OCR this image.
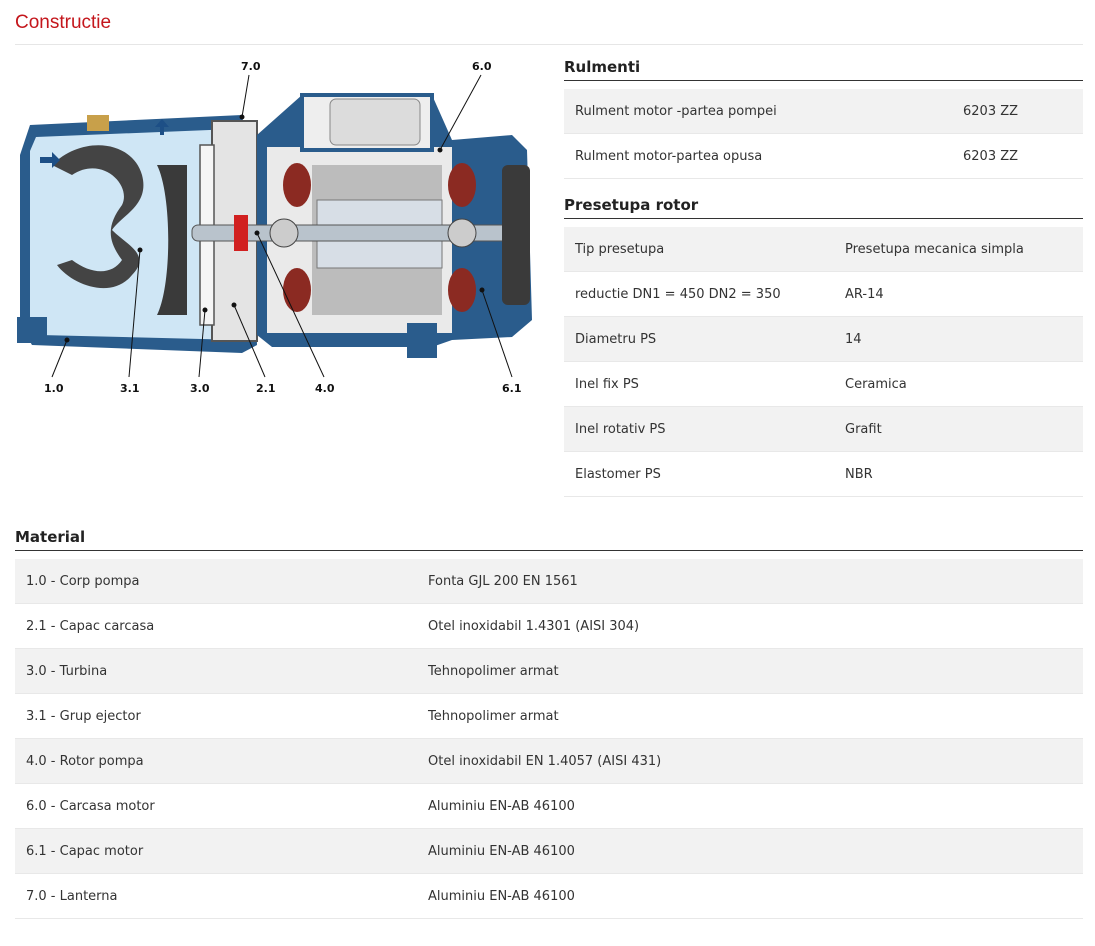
Constructie
7.0	6.0
1.0	3.1	3.0	2.1	4.0	6.1
Rulmenti
Rulment motor -partea pompei	6203 ZZ
Rulment motor-partea opusa	6203 ZZ
Presetupa rotor
Tip presetupa	Presetupa mecanica simpla
reductie DN1 = 450 DN2 = 350	AR-14
Diametru PS	14
Inel fix PS	Ceramica
Inel rotativ PS	Grafit
Elastomer PS	NBR
Material
1.0 - Corp pompa	Fonta GJL 200 EN 1561
2.1 - Capac carcasa	Otel inoxidabil 1.4301 (AISI 304)
3.0 - Turbina	Tehnopolimer armat
3.1 - Grup ejector	Tehnopolimer armat
4.0 - Rotor pompa	Otel inoxidabil EN 1.4057 (AISI 431)
6.0 - Carcasa motor	Aluminiu EN-AB 46100
6.1 - Capac motor	Aluminiu EN-AB 46100
7.0 - Lanterna	Aluminiu EN-AB 46100
